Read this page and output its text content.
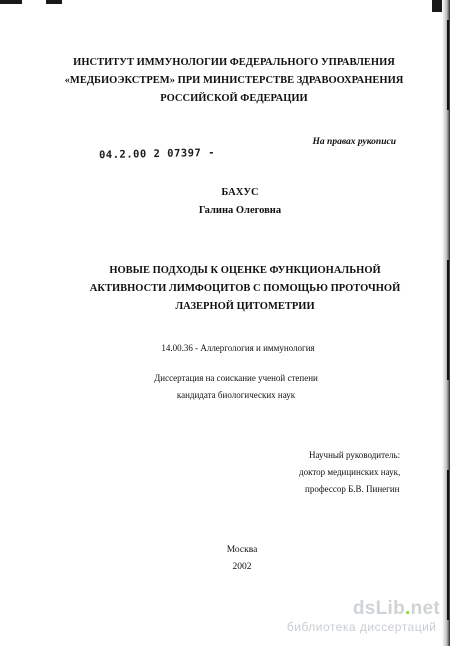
ИНСТИТУТ ИММУНОЛОГИИ ФЕДЕРАЛЬНОГО УПРАВЛЕНИЯ
«МЕДБИОЭКСТРЕМ» ПРИ МИНИСТЕРСТВЕ ЗДРАВООХРАНЕНИЯ
РОССИЙСКОЙ ФЕДЕРАЦИИ
На правах рукописи
04.2.00 2 07397 -
БАХУС
Галина Олеговна
НОВЫЕ ПОДХОДЫ К ОЦЕНКЕ ФУНКЦИОНАЛЬНОЙ
АКТИВНОСТИ ЛИМФОЦИТОВ С ПОМОЩЬЮ ПРОТОЧНОЙ
ЛАЗЕРНОЙ ЦИТОМЕТРИИ
14.00.36 - Аллергология и иммунология
Диссертация на соискание ученой степени
кандидата биологических наук
Научный руководитель:
доктор медицинских наук,
профессор Б.В. Пинегин
Москва
2002
dsLib.net
библиотека диссертаций
